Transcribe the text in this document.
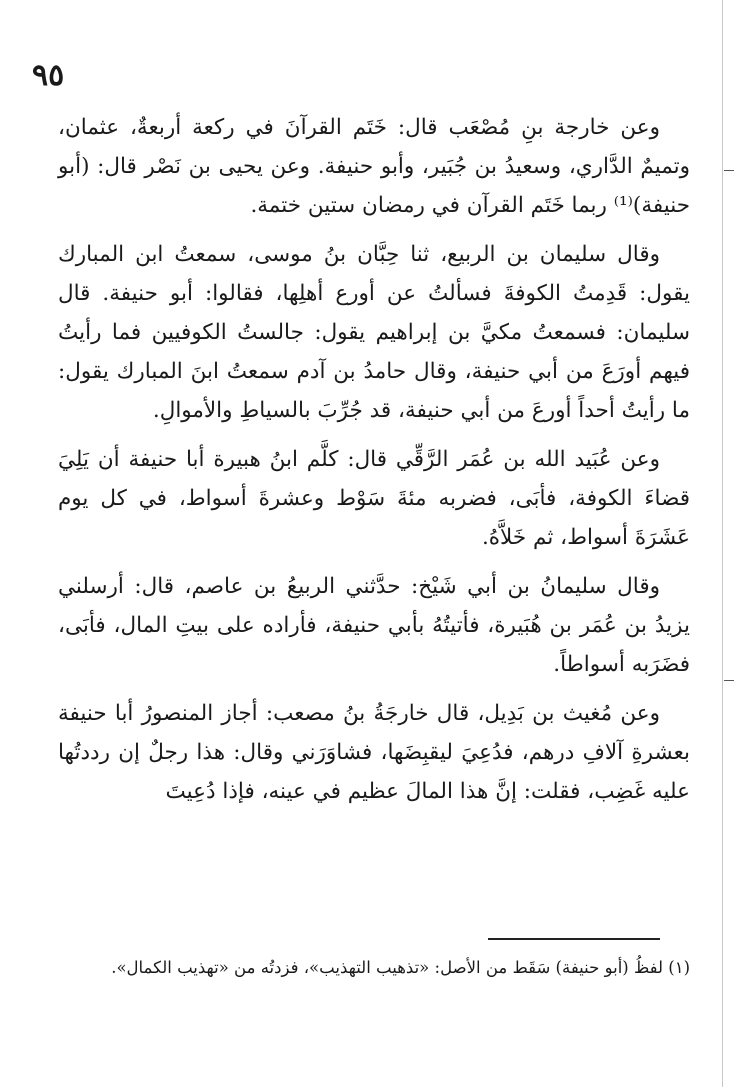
٩٥

وعن خارجة بنِ مُصْعَب قال: خَتَم القرآنَ في ركعة أربعةٌ، عثمان، وتميمٌ الدَّاري، وسعيدُ بن جُبَير، وأبو حنيفة. وعن يحيى بن نَصْر قال: (أبو حنيفة)⁽¹⁾ ربما خَتَم القرآن في رمضان ستين ختمة.

وقال سليمان بن الربيع، ثنا حِبَّان بنُ موسى، سمعتُ ابن المبارك يقول: قَدِمتُ الكوفةَ فسألتُ عن أورع أهلِها، فقالوا: أبو حنيفة. قال سليمان: فسمعتُ مكيَّ بن إبراهيم يقول: جالستُ الكوفيين فما رأيتُ فيهم أورَعَ من أبي حنيفة، وقال حامدُ بن آدم سمعتُ ابنَ المبارك يقول: ما رأيتُ أحداً أورعَ من أبي حنيفة، قد جُرِّبَ بالسياطِ والأموالِ.

وعن عُبَيد الله بن عُمَر الرَّقِّي قال: كلَّم ابنُ هبيرة أبا حنيفة أن يَلِيَ قضاءَ الكوفة، فأبَى، فضربه مئةَ سَوْط وعشرةَ أسواط، في كل يوم عَشَرَةَ أسواط، ثم خَلاَّهُ.

وقال سليمانُ بن أبي شَيْخ: حدَّثني الربيعُ بن عاصم، قال: أرسلني يزيدُ بن عُمَر بن هُبَيرة، فأتيتُهُ بأبي حنيفة، فأراده على بيتِ المال، فأبَى، فضَرَبه أسواطاً.

وعن مُغيث بن بَدِيل، قال خارجَةُ بنُ مصعب: أجاز المنصورُ أبا حنيفة بعشرةِ آلافِ درهم، فدُعِيَ ليقبِضَها، فشاوَرَني وقال: هذا رجلٌ إن رددتُها عليه غَضِب، فقلت: إنَّ هذا المالَ عظيم في عينه، فإذا دُعِيتَ

(١) لفظُ (أبو حنيفة) سَقَط من الأصل: «تذهيب التهذيب»، فزدتُه من «تهذيب الكمال».
